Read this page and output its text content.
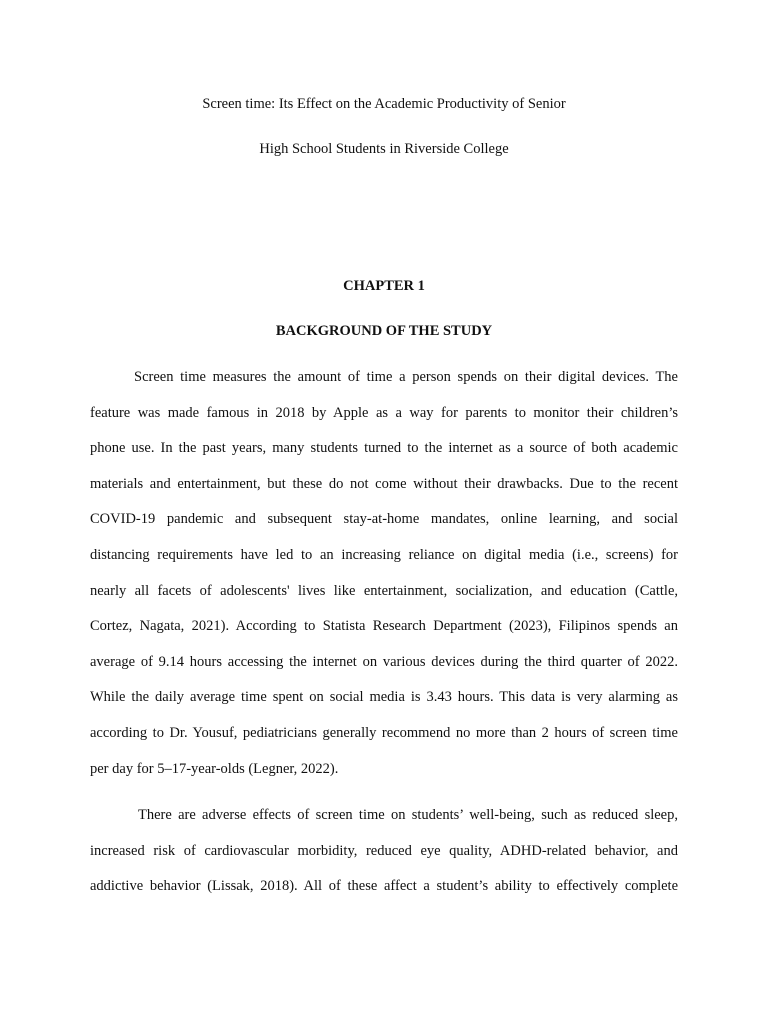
Screen time: Its Effect on the Academic Productivity of Senior
High School Students in Riverside College
CHAPTER 1
BACKGROUND OF THE STUDY
Screen time measures the amount of time a person spends on their digital devices. The
feature was made famous in 2018 by Apple as a way for parents to monitor their children’s
phone use. In the past years, many students turned to the internet as a source of both academic
materials and entertainment, but these do not come without their drawbacks. Due to the recent
COVID-19 pandemic and subsequent stay-at-home mandates, online learning, and social
distancing requirements have led to an increasing reliance on digital media (i.e., screens) for
nearly all facets of adolescents' lives like entertainment, socialization, and education (Cattle,
Cortez, Nagata, 2021). According to Statista Research Department (2023), Filipinos spends an
average of 9.14 hours accessing the internet on various devices during the third quarter of 2022.
While the daily average time spent on social media is 3.43 hours. This data is very alarming as
according to Dr. Yousuf, pediatricians generally recommend no more than 2 hours of screen time
per day for 5–17-year-olds (Legner, 2022).
There are adverse effects of screen time on students’ well-being, such as reduced sleep,
increased risk of cardiovascular morbidity, reduced eye quality, ADHD-related behavior, and
addictive behavior (Lissak, 2018). All of these affect a student’s ability to effectively complete
